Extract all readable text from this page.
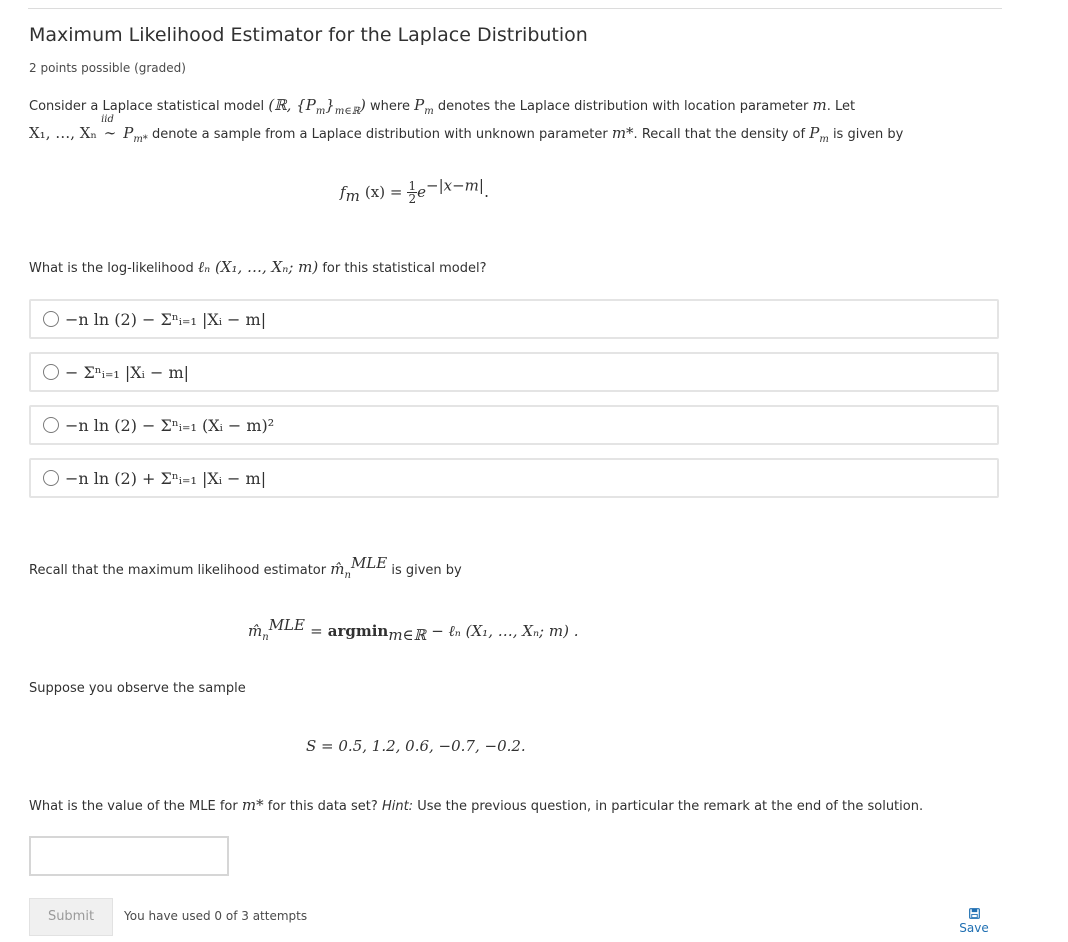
Maximum Likelihood Estimator for the Laplace Distribution
2 points possible (graded)
Consider a Laplace statistical model (ℝ, $\{P_m\}_{m\in ℝ}$) where $P_m$ denotes the Laplace distribution with location parameter m. Let
X₁, …, Xₙ
iid
∼ $P_{m*}$ denote a sample from a Laplace distribution with unknown parameter m*. Recall that the density of $P_m$ is given by
$f_m$ $(x) = \frac{1}{2} e^{-|x-m|}$.
What is the log-likelihood ℓₙ (X₁, …, Xₙ; m) for this statistical model?
−n ln (2) − Σⁿᵢ₌₁ |Xᵢ − m|
− Σⁿᵢ₌₁ |Xᵢ − m|
−n ln (2) − Σⁿᵢ₌₁ (Xᵢ − m)²
−n ln (2) + Σⁿᵢ₌₁ |Xᵢ − m|
Recall that the maximum likelihood estimator $m̂_n^{MLE}$ is given by
$m̂_n^{MLE} = argmin_{m\in ℝ}$ − ℓₙ (X₁, …, Xₙ; m) .
Suppose you observe the sample
S = 0.5, 1.2, 0.6, −0.7, −0.2.
What is the value of the MLE for m* for this data set? Hint: Use the previous question, in particular the remark at the end of the solution.
Submit	You have used 0 of 3 attempts
Save
